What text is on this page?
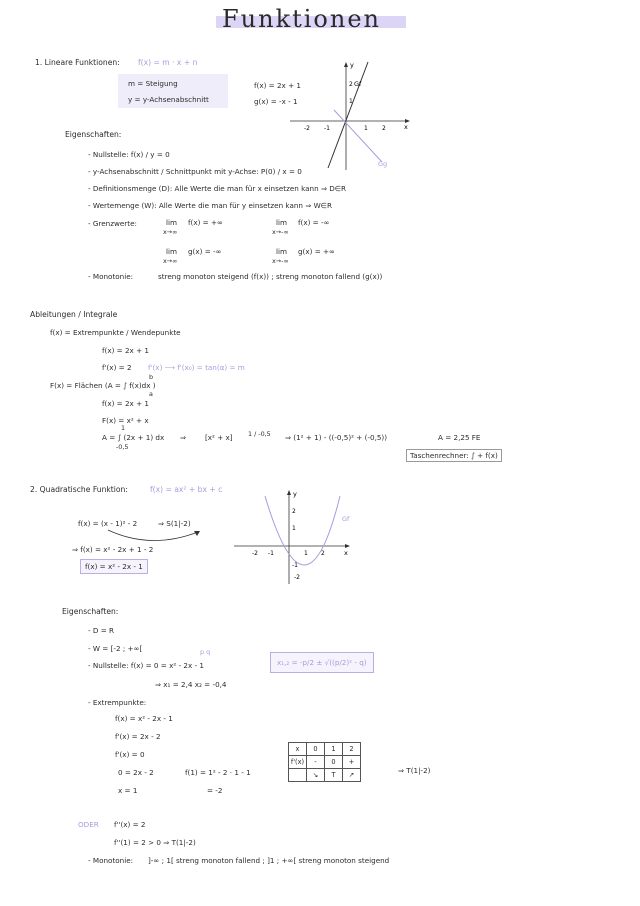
Funktionen
1. Lineare Funktionen: f(x) = m · x + n
m = Steigung
y = y-Achsenabschnitt
f(x) = 2x + 1
g(x) = -x - 1
x
y
-2 -1	1 2
2
1
Gf
Gg
Eigenschaften:
- Nullstelle: f(x) / y = 0
- y-Achsenabschnitt / Schnittpunkt mit y-Achse: P(0) / x = 0
- Definitionsmenge (D): Alle Werte die man für x einsetzen kann ⇒ D∈R
- Wertemenge (W): Alle Werte die man für y einsetzen kann ⇒ W∈R
- Grenzwerte:	lim
x→∞
f(x) = +∞	lim
x→-∞
f(x) = -∞
lim
x→∞
g(x) = -∞	lim
x→-∞
g(x) = +∞
- Monotonie:	streng monoton steigend (f(x)) ; streng monoton fallend (g(x))
Ableitungen / Integrale
f(x) = Extrempunkte / Wendepunkte
f(x) = 2x + 1
f'(x) = 2 f'(x) ⟶ f'(x₀) = tan(α) = m
F(x) = Flächen (A = ∫ f(x)dx )
b
a
f(x) = 2x + 1
F(x) = x² + x
A = ∫ (2x + 1) dx
1
-0,5
⇒	[x² + x] 1 / -0,5 ⇒ (1² + 1) - ((-0,5)² + (-0,5))	A = 2,25 FE
Taschenrechner: ∫ + f(x)
2. Quadratische Funktion:	f(x) = ax² + bx + c
f(x) = (x - 1)² - 2	⇒ S(1|-2)
⇒ f(x) = x² - 2x + 1 - 2
f(x) = x² - 2x - 1
x
y
-2 -1	1 2
2
1
-1
-2
Gf
Eigenschaften:
- D = R
- W = [-2 ; +∞[	p q
- Nullstelle: f(x) = 0 = x² - 2x - 1	x₁,₂ = -p/2 ± √((p/2)² - q)
⇒ x₁ = 2,4 x₂ = -0,4
- Extrempunkte:
f(x) = x² - 2x - 1
f'(x) = 2x - 2
f'(x) = 0
0 = 2x - 2	f(1) = 1² - 2 · 1 - 1
x = 1	= -2
x	0	1	2
f'(x)	-	0	+
	↘	T	↗	⇒ T(1|-2)
ODER f''(x) = 2
f''(1) = 2 > 0 ⇒ T(1|-2)
- Monotonie: ]-∞ ; 1[ streng monoton fallend ; ]1 ; +∞[ streng monoton steigend
